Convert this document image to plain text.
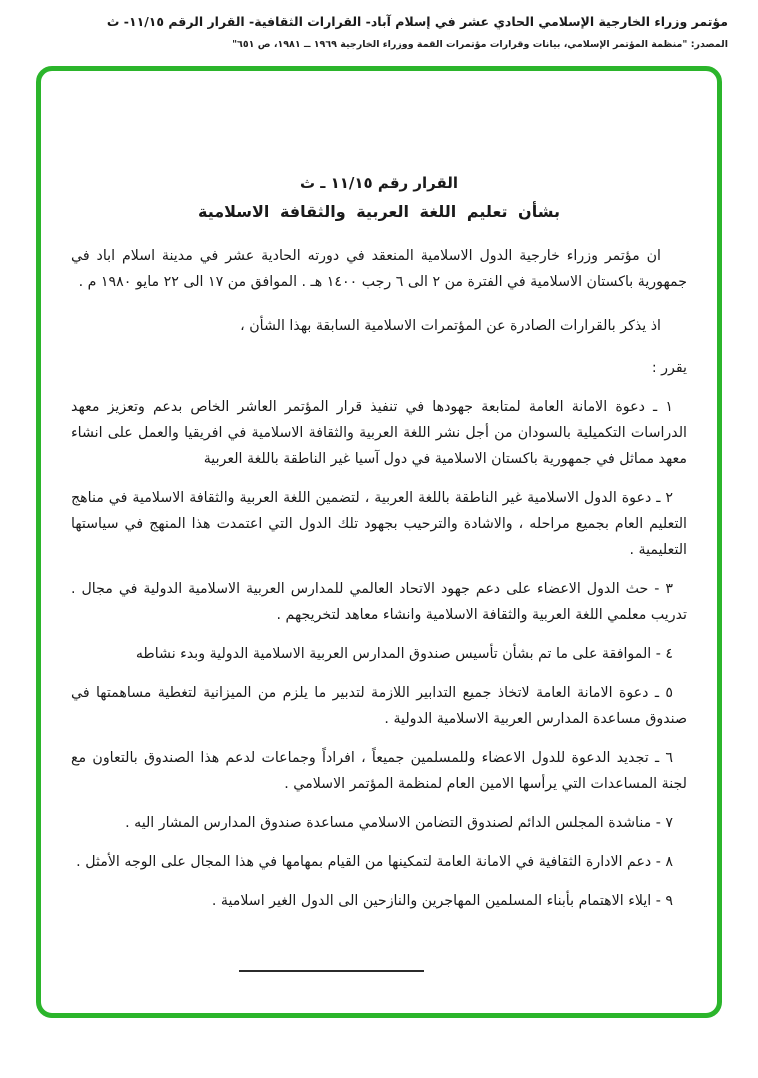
مؤتمر وزراء الخارجية الإسلامي الحادي عشر في إسلام آباد- القرارات الثقافية- القرار الرقم ١١/١٥- ث
المصدر: "منظمة المؤتمر الإسلامي، بيانات وقرارات مؤتمرات القمة ووزراء الخارجية ١٩٦٩ ــ ١٩٨١، ص ٦٥١"
القرار رقم ١١/١٥ ـ ث
بشأن تعليم اللغة العربية والثقافة الاسلامية

ان مؤتمر وزراء خارجية الدول الاسلامية المنعقد في دورته الحادية عشر في مدينة اسلام اباد في جمهورية باكستان الاسلامية في الفترة من ٢ الى ٦ رجب ١٤٠٠ هـ . الموافق من ١٧ الى ٢٢ مايو ١٩٨٠ م .

اذ يذكر بالقرارات الصادرة عن المؤتمرات الاسلامية السابقة بهذا الشأن ،

يقرر :

١ ـ دعوة الامانة العامة لمتابعة جهودها في تنفيذ قرار المؤتمر العاشر الخاص بدعم وتعزيز معهد الدراسات التكميلية بالسودان من أجل نشر اللغة العربية والثقافة الاسلامية في افريقيا والعمل على انشاء معهد مماثل في جمهورية باكستان الاسلامية في دول آسيا غير الناطقة باللغة العربية

٢ ـ دعوة الدول الاسلامية غير الناطقة باللغة العربية ، لتضمين اللغة العربية والثقافة الاسلامية في مناهج التعليم العام بجميع مراحله ، والاشادة والترحيب بجهود تلك الدول التي اعتمدت هذا المنهج في سياستها التعليمية .

٣ - حث الدول الاعضاء على دعم جهود الاتحاد العالمي للمدارس العربية الاسلامية الدولية في مجال . تدريب معلمي اللغة العربية والثقافة الاسلامية وانشاء معاهد لتخريجهم .

٤ - الموافقة على ما تم بشأن تأسيس صندوق المدارس العربية الاسلامية الدولية وبدء نشاطه

٥ ـ دعوة الامانة العامة لاتخاذ جميع التدابير اللازمة لتدبير ما يلزم من الميزانية لتغطية مساهمتها في صندوق مساعدة المدارس العربية الاسلامية الدولية .

٦ ـ تجديد الدعوة للدول الاعضاء وللمسلمين جميعاً ، افراداً وجماعات لدعم هذا الصندوق بالتعاون مع لجنة المساعدات التي يرأسها الامين العام لمنظمة المؤتمر الاسلامي .

٧ - مناشدة المجلس الدائم لصندوق التضامن الاسلامي مساعدة صندوق المدارس المشار اليه .

٨ - دعم الادارة الثقافية في الامانة العامة لتمكينها من القيام بمهامها في هذا المجال على الوجه الأمثل .

٩ - ايلاء الاهتمام بأبناء المسلمين المهاجرين والنازحين الى الدول الغير اسلامية .
